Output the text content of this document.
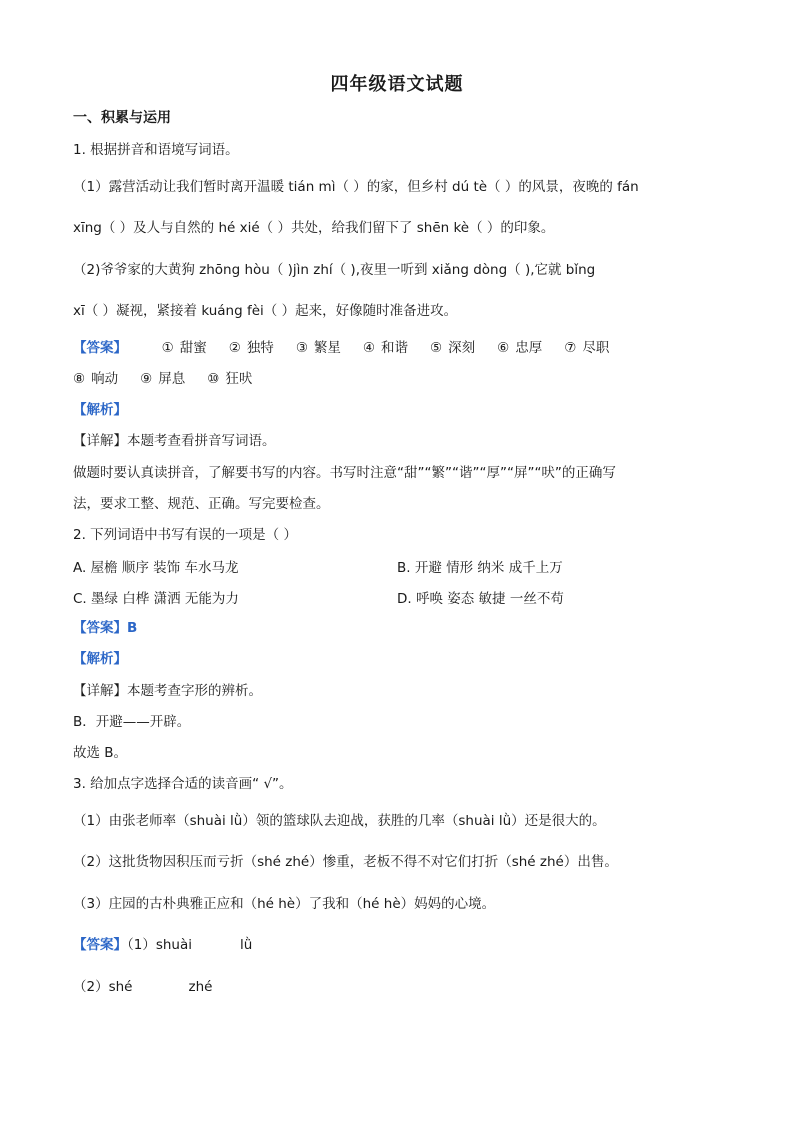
四年级语文试题
一、积累与运用
1. 根据拼音和语境写词语。
（1）露营活动让我们暂时离开温暖 tián mì（ ）的家，但乡村 dú tè（ ）的风景，夜晚的 fán
xīng（ ）及人与自然的 hé xié（ ）共处，给我们留下了 shēn kè（ ）的印象。
（2)爷爷家的大黄狗 zhōng hòu（ )jìn zhí（ ),夜里一听到 xiǎng dòng（ ),它就 bǐng
xī（ ）凝视，紧接着 kuáng fèi（ ）起来，好像随时准备进攻。
【答案】	① 甜蜜 ② 独特 ③ 繁星 ④ 和谐 ⑤ 深刻 ⑥ 忠厚 ⑦ 尽职
⑧ 响动 ⑨ 屏息 ⑩ 狂吠
【解析】
【详解】本题考查看拼音写词语。
做题时要认真读拼音，了解要书写的内容。书写时注意“甜”“繁”“谐”“厚”“屏”“吠”的正确写
法，要求工整、规范、正确。写完要检查。
2. 下列词语中书写有误的一项是（ ）
A. 屋檐 顺序 装饰 车水马龙	B. 开避 情形 纳米 成千上万
C. 墨绿 白桦 潇洒 无能为力	D. 呼唤 姿态 敏捷 一丝不苟
【答案】B
【解析】
【详解】本题考查字形的辨析。
B．开避——开辟。
故选 B。
3. 给加点字选择合适的读音画“ √”。
（1）由张老师率（shuài lǜ）领的篮球队去迎战，获胜的几率（shuài lǜ）还是很大的。
（2）这批货物因积压而亏折（shé zhé）惨重，老板不得不对它们打折（shé zhé）出售。
（3）庄园的古朴典雅正应和（hé hè）了我和（hé hè）妈妈的心境。
【答案】（1）shuài	lǜ
（2）shé	zhé
